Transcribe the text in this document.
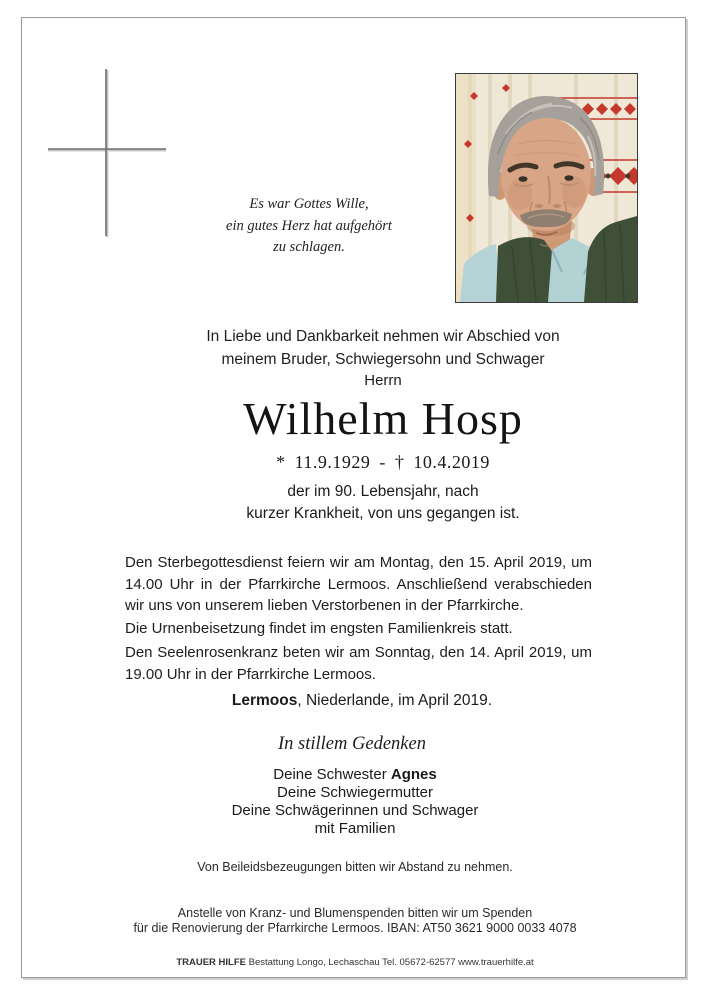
Es war Gottes Wille,
ein gutes Herz hat aufgehört
zu schlagen.
In Liebe und Dankbarkeit nehmen wir Abschied von
meinem Bruder, Schwiegersohn und Schwager
Herrn
Wilhelm Hosp
* 11.9.1929 - † 10.4.2019
der im 90. Lebensjahr, nach
kurzer Krankheit, von uns gegangen ist.
Den Sterbegottesdienst feiern wir am Montag, den 15. April 2019, um 14.00 Uhr in der Pfarrkirche Lermoos. Anschließend verabschieden wir uns von unserem lieben Verstorbenen in der Pfarrkirche.
Die Urnenbeisetzung findet im engsten Familienkreis statt.
Den Seelenrosenkranz beten wir am Sonntag, den 14. April 2019, um 19.00 Uhr in der Pfarrkirche Lermoos.
Lermoos, Niederlande, im April 2019.
In stillem Gedenken
Deine Schwester Agnes
Deine Schwiegermutter
Deine Schwägerinnen und Schwager
mit Familien
Von Beileidsbezeugungen bitten wir Abstand zu nehmen.
Anstelle von Kranz- und Blumenspenden bitten wir um Spenden
für die Renovierung der Pfarrkirche Lermoos. IBAN: AT50 3621 9000 0033 4078
TRAUER HILFE Bestattung Longo, Lechaschau Tel. 05672-62577 www.trauerhilfe.at
